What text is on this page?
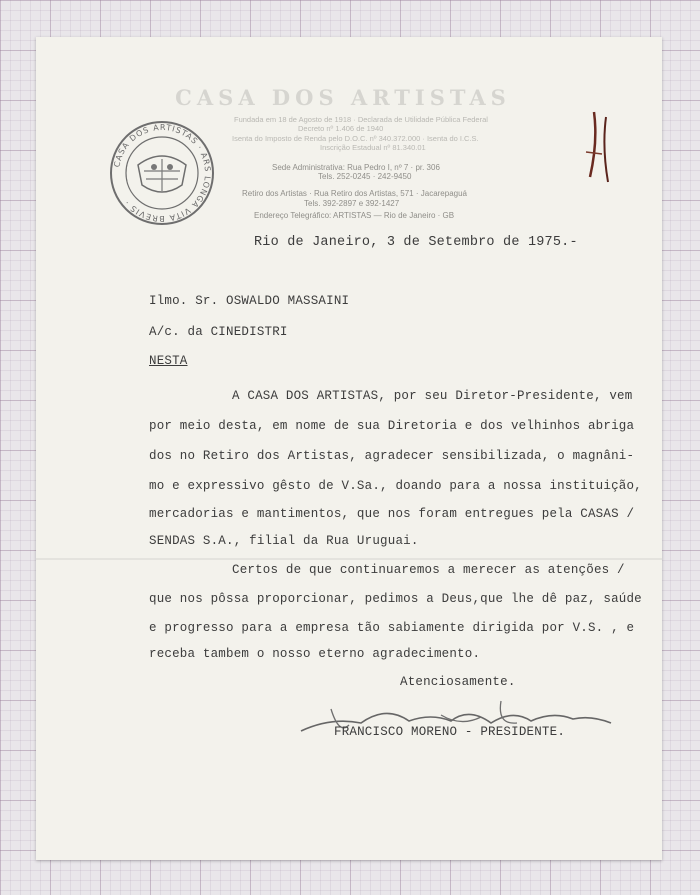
CASA DOS ARTISTAS
CASA DOS ARTISTAS · ARS LONGA VITA BREVIS ·
Fundada em 18 de Agosto de 1918 · Declarada de Utilidade Pública Federal
Decreto nº 1.406 de 1940
Isenta do Imposto de Renda pelo D.O.C. nº 340.372.000 · Isenta do I.C.S.
Inscrição Estadual nº 81.340.01
Sede Administrativa: Rua Pedro I, nº 7 · pr. 306
Tels. 252-0245 · 242-9450
Retiro dos Artistas · Rua Retiro dos Artistas, 571 · Jacarepaguá
Tels. 392-2897 e 392-1427
Endereço Telegráfico: ARTISTAS — Rio de Janeiro · GB
Rio de Janeiro, 3 de Setembro de 1975.-
Ilmo. Sr. OSWALDO MASSAINI
A/c. da CINEDISTRI
NESTA
A CASA DOS ARTISTAS, por seu Diretor-Presidente, vem
por meio desta, em nome de sua Diretoria e dos velhinhos abriga
dos no Retiro dos Artistas, agradecer sensibilizada, o magnâni-
mo e expressivo gêsto de V.Sa., doando para a nossa instituição,
mercadorias e mantimentos, que nos foram entregues pela CASAS /
SENDAS S.A., filial da Rua Uruguai.
Certos de que continuaremos a merecer as atenções /
que nos pôssa proporcionar, pedimos a Deus,que lhe dê paz, saúde
e progresso para a empresa tão sabiamente dirigida por V.S. , e
receba tambem o nosso eterno agradecimento.
Atenciosamente.
FRANCISCO MORENO - PRESIDENTE.
